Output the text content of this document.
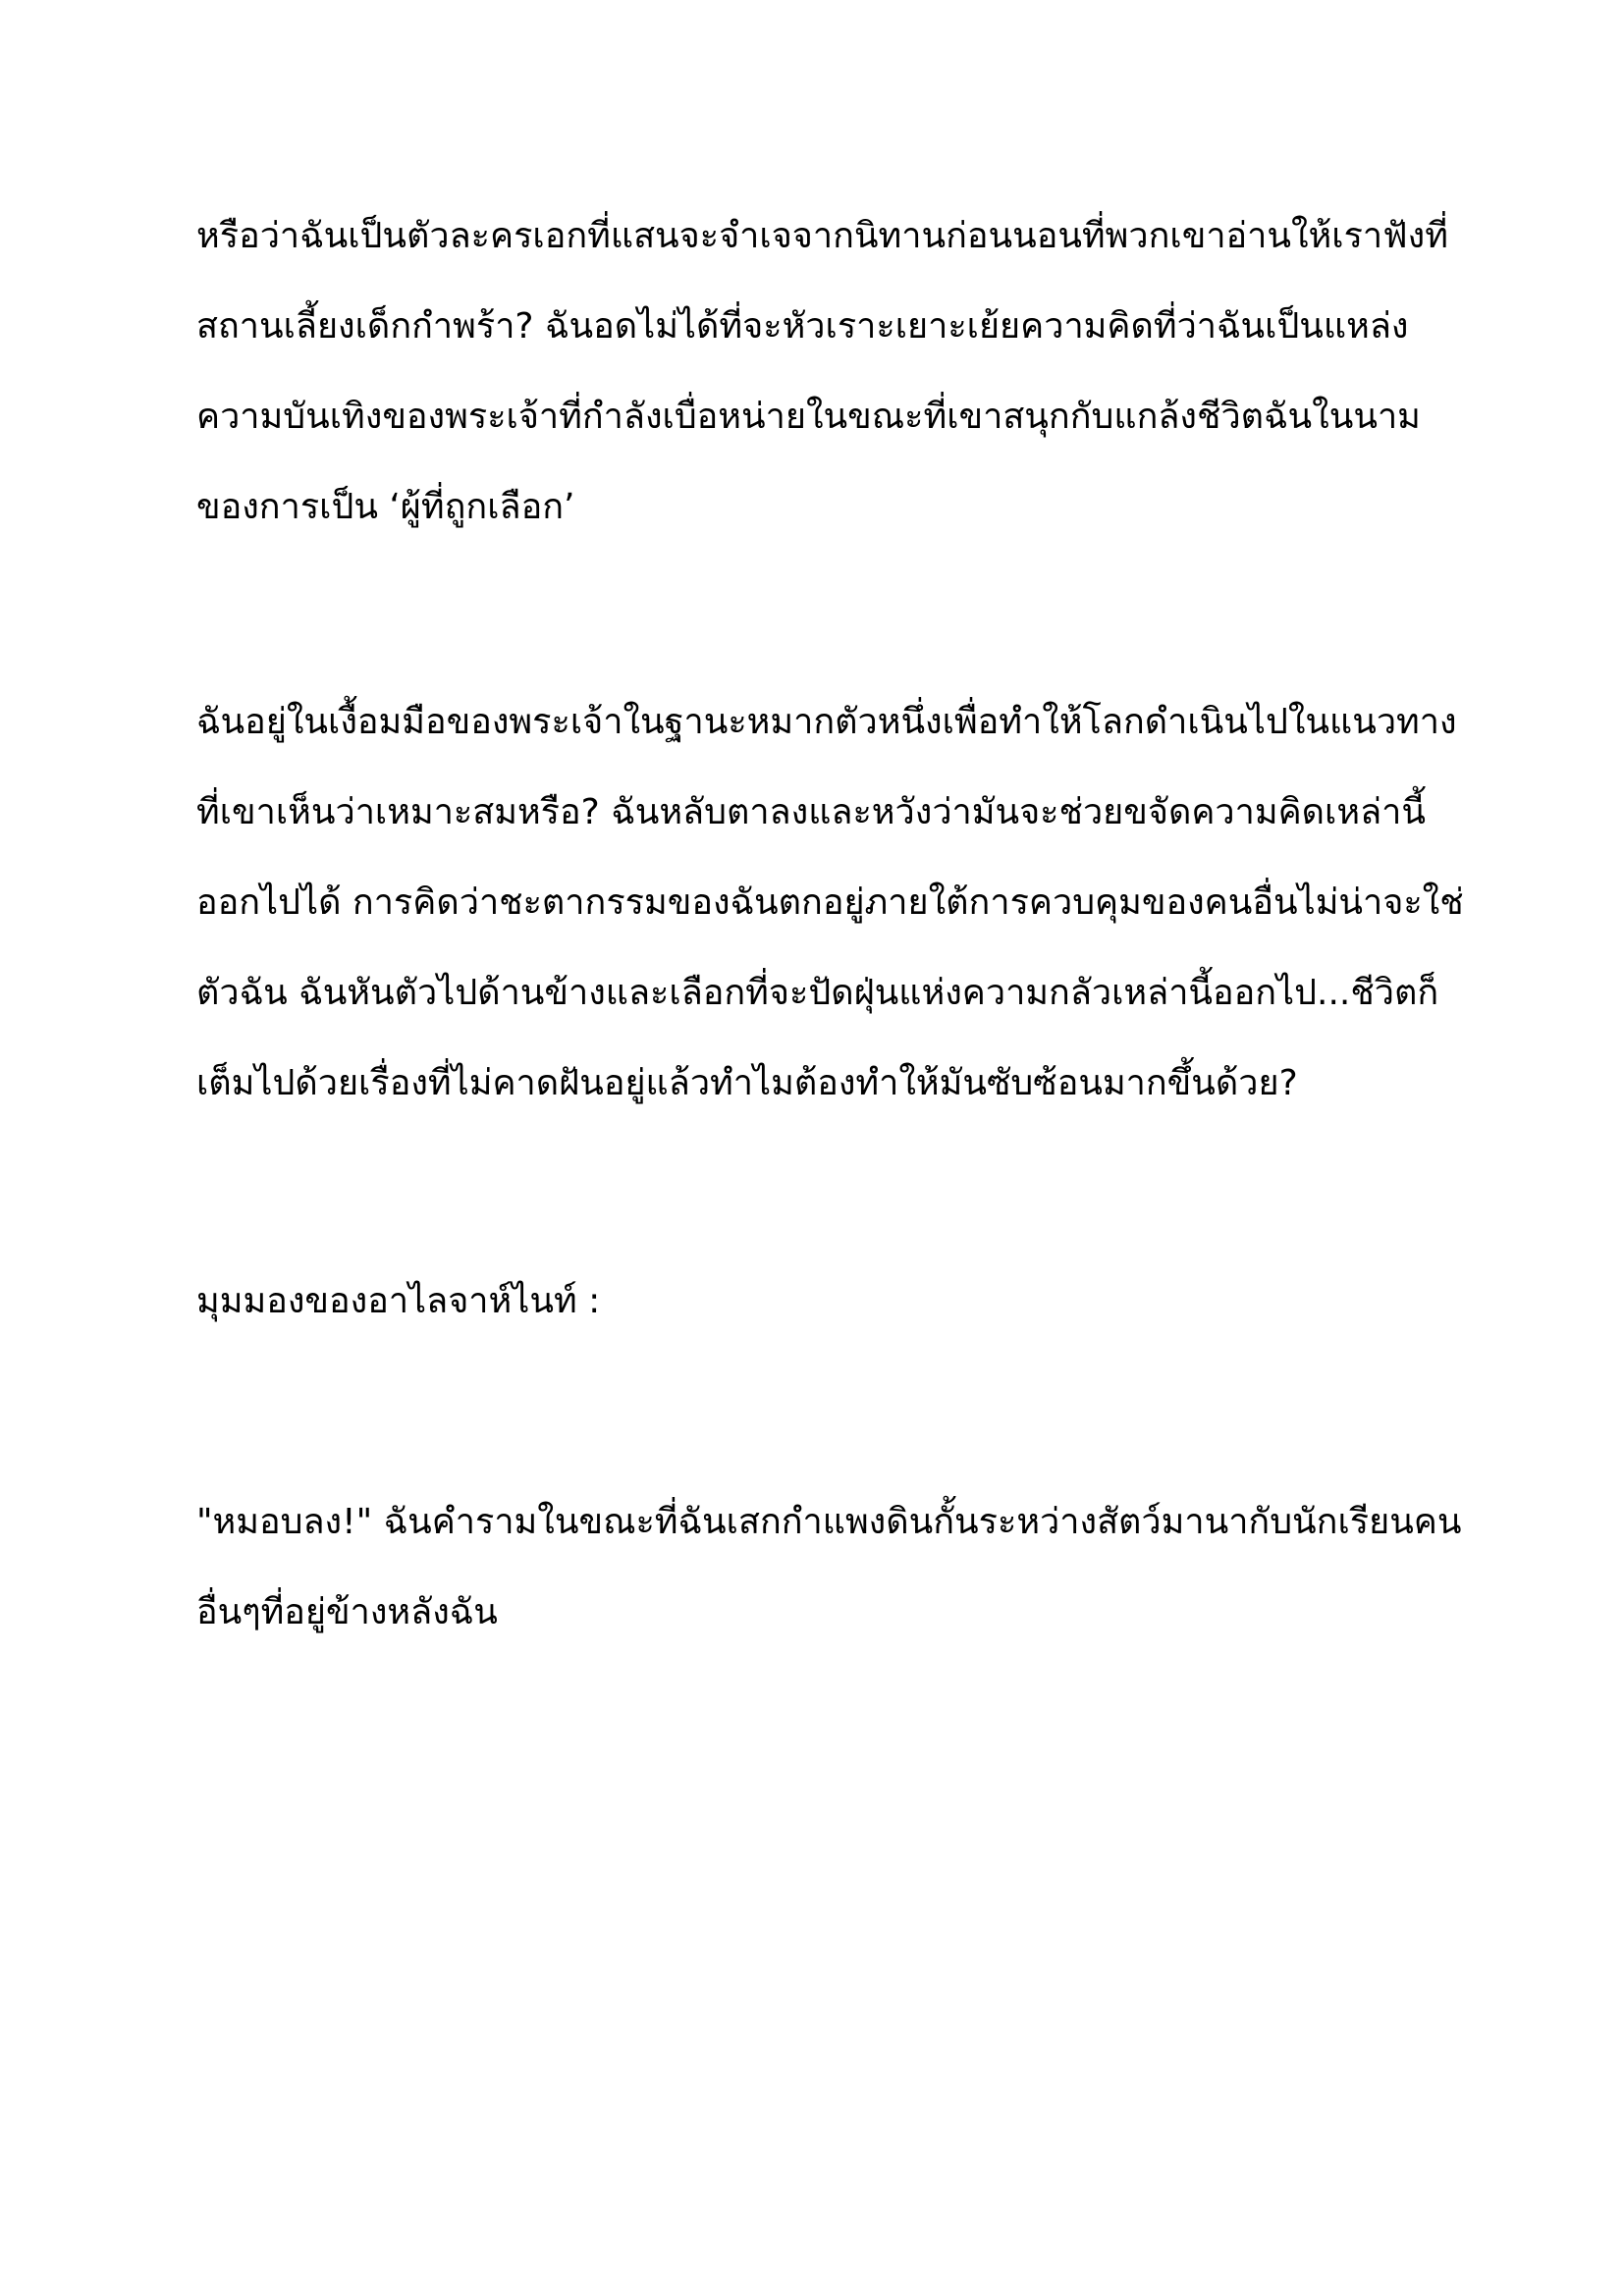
หรือว่าฉันเป็นตัวละครเอกที่แสนจะจำเจจากนิทานก่อนนอนที่พวกเขาอ่านให้เราฟังที่
สถานเลี้ยงเด็กกำพร้า? ฉันอดไม่ได้ที่จะหัวเราะเยาะเย้ยความคิดที่ว่าฉันเป็นแหล่ง
ความบันเทิงของพระเจ้าที่กำลังเบื่อหน่ายในขณะที่เขาสนุกกับแกล้งชีวิตฉันในนาม
ของการเป็น ‘ผู้ที่ถูกเลือก’
ฉันอยู่ในเงื้อมมือของพระเจ้าในฐานะหมากตัวหนึ่งเพื่อทำให้โลกดำเนินไปในแนวทาง
ที่เขาเห็นว่าเหมาะสมหรือ? ฉันหลับตาลงและหวังว่ามันจะช่วยขจัดความคิดเหล่านี้
ออกไปได้ การคิดว่าชะตากรรมของฉันตกอยู่ภายใต้การควบคุมของคนอื่นไม่น่าจะใช่
ตัวฉัน ฉันหันตัวไปด้านข้างและเลือกที่จะปัดฝุ่นแห่งความกลัวเหล่านี้ออกไป...ชีวิตก็
เต็มไปด้วยเรื่องที่ไม่คาดฝันอยู่แล้วทำไมต้องทำให้มันซับซ้อนมากขึ้นด้วย?
มุมมองของอาไลจาห์ไนท์ :
"หมอบลง!" ฉันคำรามในขณะที่ฉันเสกกำแพงดินกั้นระหว่างสัตว์มานากับนักเรียนคน
อื่นๆที่อยู่ข้างหลังฉัน
